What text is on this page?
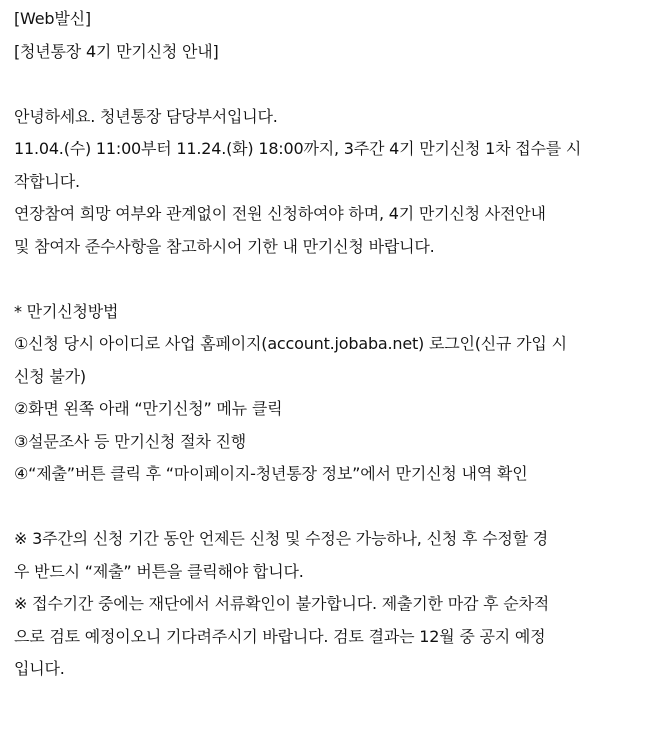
[Web발신]
[청년통장 4기 만기신청 안내]
안녕하세요. 청년통장 담당부서입니다.
11.04.(수) 11:00부터 11.24.(화) 18:00까지, 3주간 4기 만기신청 1차 접수를 시
작합니다.
연장참여 희망 여부와 관계없이 전원 신청하여야 하며, 4기 만기신청 사전안내
및 참여자 준수사항을 참고하시어 기한 내 만기신청 바랍니다.
* 만기신청방법
①신청 당시 아이디로 사업 홈페이지(account.jobaba.net) 로그인(신규 가입 시
신청 불가)
②화면 왼쪽 아래 “만기신청” 메뉴 클릭
③설문조사 등 만기신청 절차 진행
④“제출”버튼 클릭 후 “마이페이지-청년통장 정보”에서 만기신청 내역 확인
※ 3주간의 신청 기간 동안 언제든 신청 및 수정은 가능하나, 신청 후 수정할 경
우 반드시 “제출” 버튼을 클릭해야 합니다.
※ 접수기간 중에는 재단에서 서류확인이 불가합니다. 제출기한 마감 후 순차적
으로 검토 예정이오니 기다려주시기 바랍니다. 검토 결과는 12월 중 공지 예정
입니다.
